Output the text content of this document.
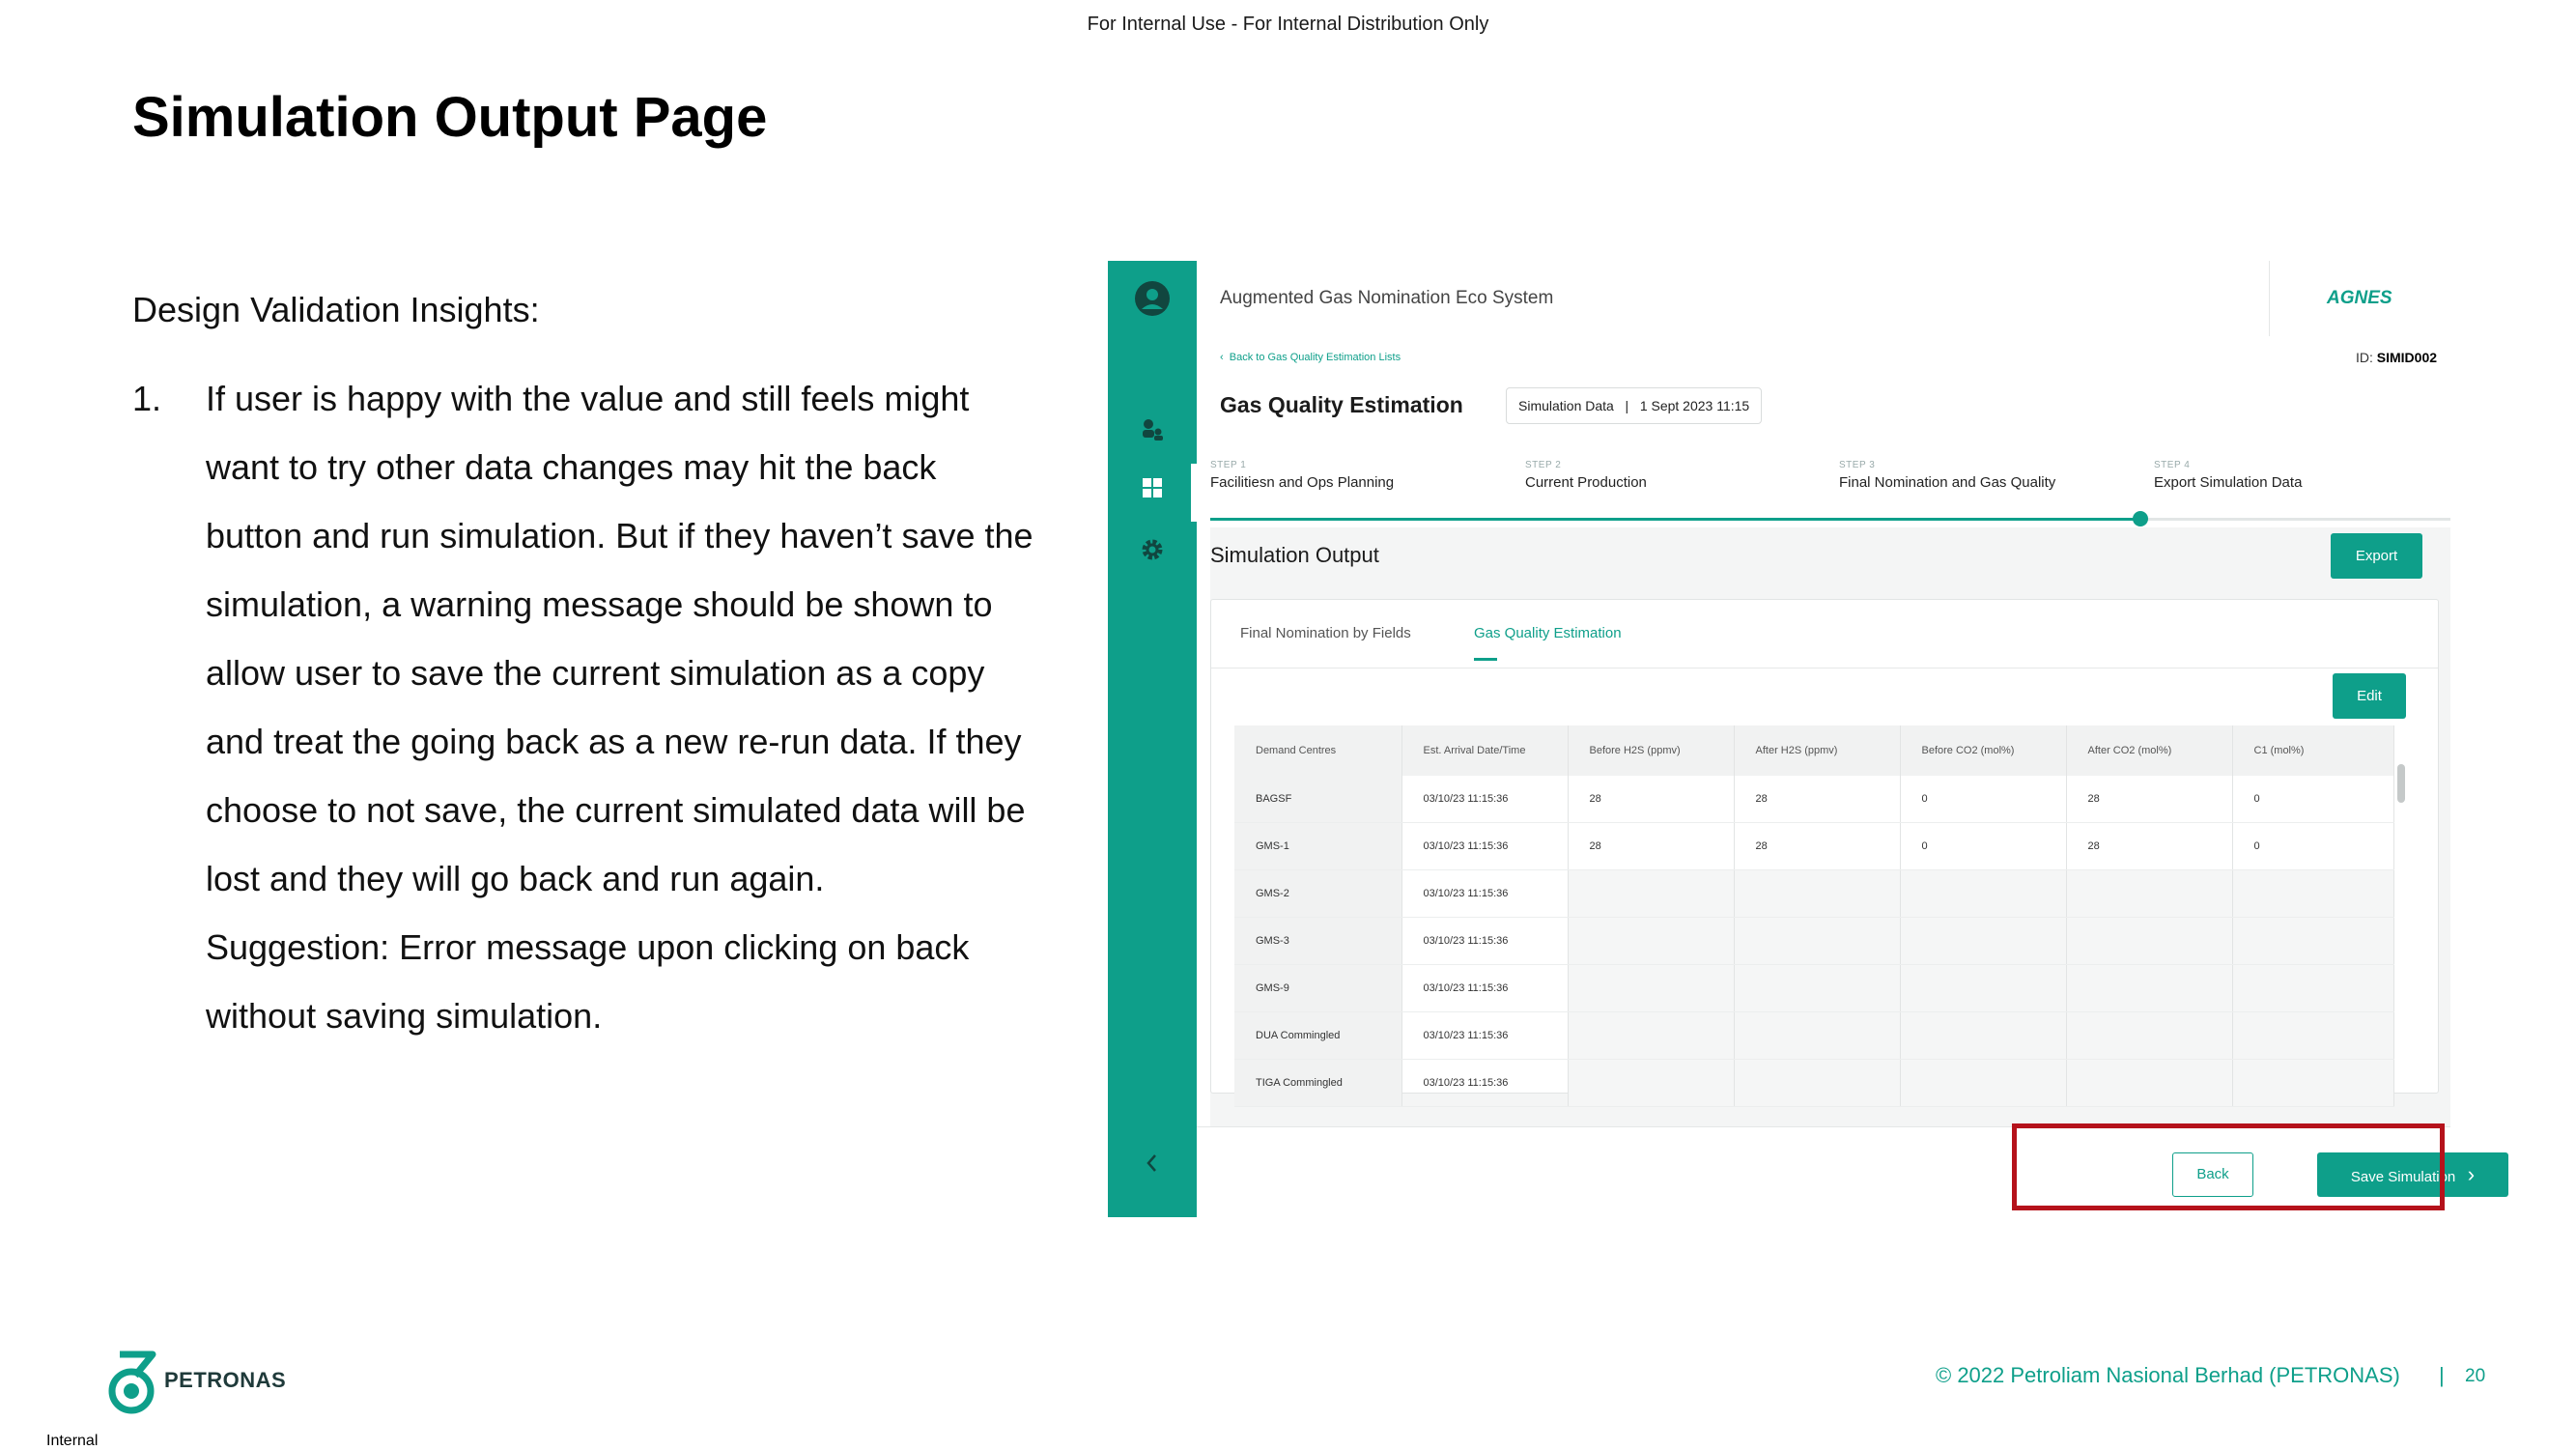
For Internal Use - For Internal Distribution Only
Simulation Output Page
Design Validation Insights:
1. If user is happy with the value and still feels might
want to try other data changes may hit the back
button and run simulation. But if they haven’t save the
simulation, a warning message should be shown to
allow user to save the current simulation as a copy
and treat the going back as a new re-run data. If they
choose to not save, the current simulated data will be
lost and they will go back and run again.
Suggestion: Error message upon clicking on back
without saving simulation.
Augmented Gas Nomination Eco System	AGNES
‹  Back to Gas Quality Estimation Lists	ID: SIMID002
Gas Quality Estimation	Simulation Data | 1 Sept 2023 11:15
STEP 1
Facilitiesn and Ops Planning
STEP 2
Current Production
STEP 3
Final Nomination and Gas Quality
STEP 4
Export Simulation Data
Simulation Output	Export
Final Nomination by Fields	Gas Quality Estimation
Edit
Demand Centres	Est. Arrival Date/Time	Before H2S (ppmv)	After H2S (ppmv)	Before CO2 (mol%)	After CO2 (mol%)	C1 (mol%)
BAGSF	03/10/23 11:15:36	28	28	0	28	0
GMS-1	03/10/23 11:15:36	28	28	0	28	0
GMS-2	03/10/23 11:15:36					
GMS-3	03/10/23 11:15:36					
GMS-9	03/10/23 11:15:36					
DUA Commingled	03/10/23 11:15:36					
TIGA Commingled	03/10/23 11:15:36					
Back	Save Simulation ›
PETRONAS
Internal
© 2022 Petroliam Nasional Berhad (PETRONAS) | 20
